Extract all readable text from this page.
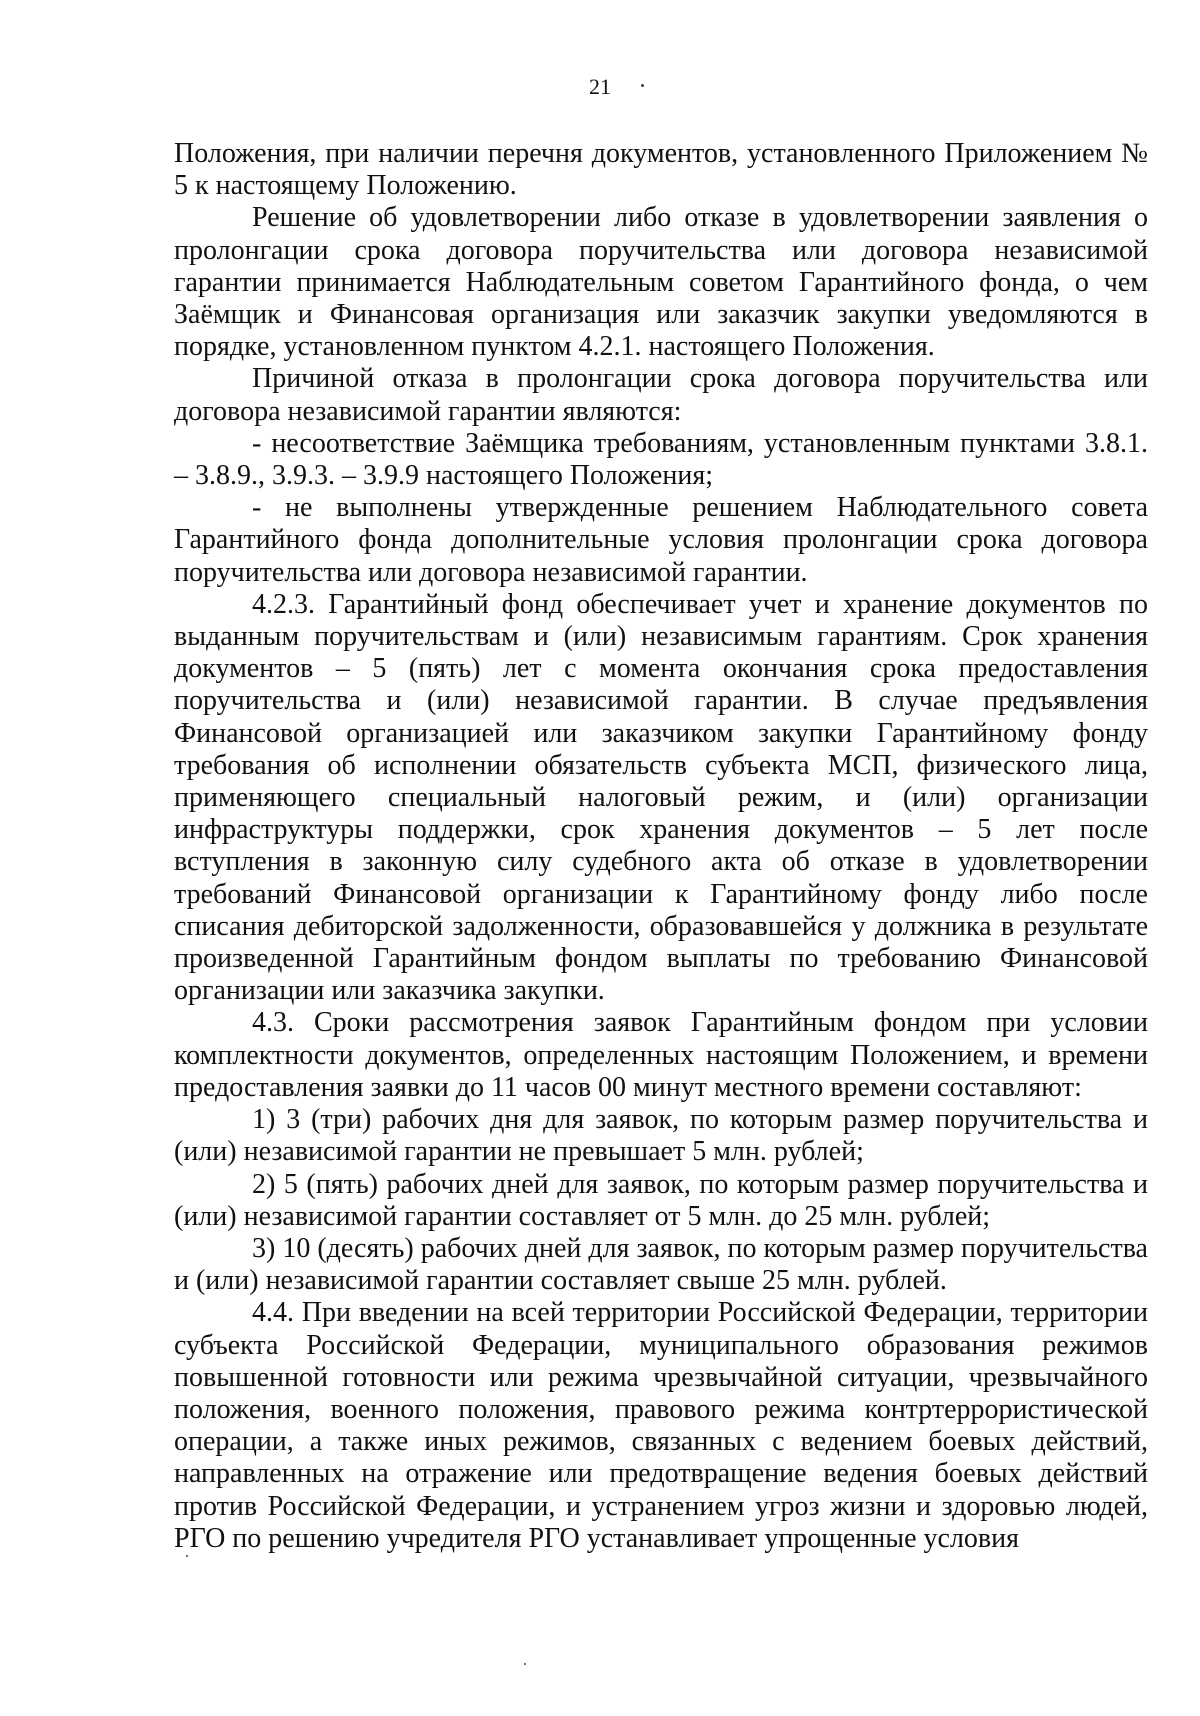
21

Положения, при наличии перечня документов, установленного Приложением № 5 к настоящему Положению.

Решение об удовлетворении либо отказе в удовлетворении заявления о пролонгации срока договора поручительства или договора независимой гарантии принимается Наблюдательным советом Гарантийного фонда, о чем Заёмщик и Финансовая организация или заказчик закупки уведомляются в порядке, установленном пунктом 4.2.1. настоящего Положения.

Причиной отказа в пролонгации срока договора поручительства или договора независимой гарантии являются:

- несоответствие Заёмщика требованиям, установленным пунктами 3.8.1. – 3.8.9., 3.9.3. – 3.9.9 настоящего Положения;

- не выполнены утвержденные решением Наблюдательного совета Гарантийного фонда дополнительные условия пролонгации срока договора поручительства или договора независимой гарантии.

4.2.3. Гарантийный фонд обеспечивает учет и хранение документов по выданным поручительствам и (или) независимым гарантиям. Срок хранения документов – 5 (пять) лет с момента окончания срока предоставления поручительства и (или) независимой гарантии. В случае предъявления Финансовой организацией или заказчиком закупки Гарантийному фонду требования об исполнении обязательств субъекта МСП, физического лица, применяющего специальный налоговый режим, и (или) организации инфраструктуры поддержки, срок хранения документов – 5 лет после вступления в законную силу судебного акта об отказе в удовлетворении требований Финансовой организации к Гарантийному фонду либо после списания дебиторской задолженности, образовавшейся у должника в результате произведенной Гарантийным фондом выплаты по требованию Финансовой организации или заказчика закупки.

4.3. Сроки рассмотрения заявок Гарантийным фондом при условии комплектности документов, определенных настоящим Положением, и времени предоставления заявки до 11 часов 00 минут местного времени составляют:

1) 3 (три) рабочих дня для заявок, по которым размер поручительства и (или) независимой гарантии не превышает 5 млн. рублей;

2) 5 (пять) рабочих дней для заявок, по которым размер поручительства и (или) независимой гарантии составляет от 5 млн. до 25 млн. рублей;

3) 10 (десять) рабочих дней для заявок, по которым размер поручительства и (или) независимой гарантии составляет свыше 25 млн. рублей.

4.4. При введении на всей территории Российской Федерации, территории субъекта Российской Федерации, муниципального образования режимов повышенной готовности или режима чрезвычайной ситуации, чрезвычайного положения, военного положения, правового режима контртеррористической операции, а также иных режимов, связанных с ведением боевых действий, направленных на отражение или предотвращение ведения боевых действий против Российской Федерации, и устранением угроз жизни и здоровью людей, РГО по решению учредителя РГО устанавливает упрощенные условия
